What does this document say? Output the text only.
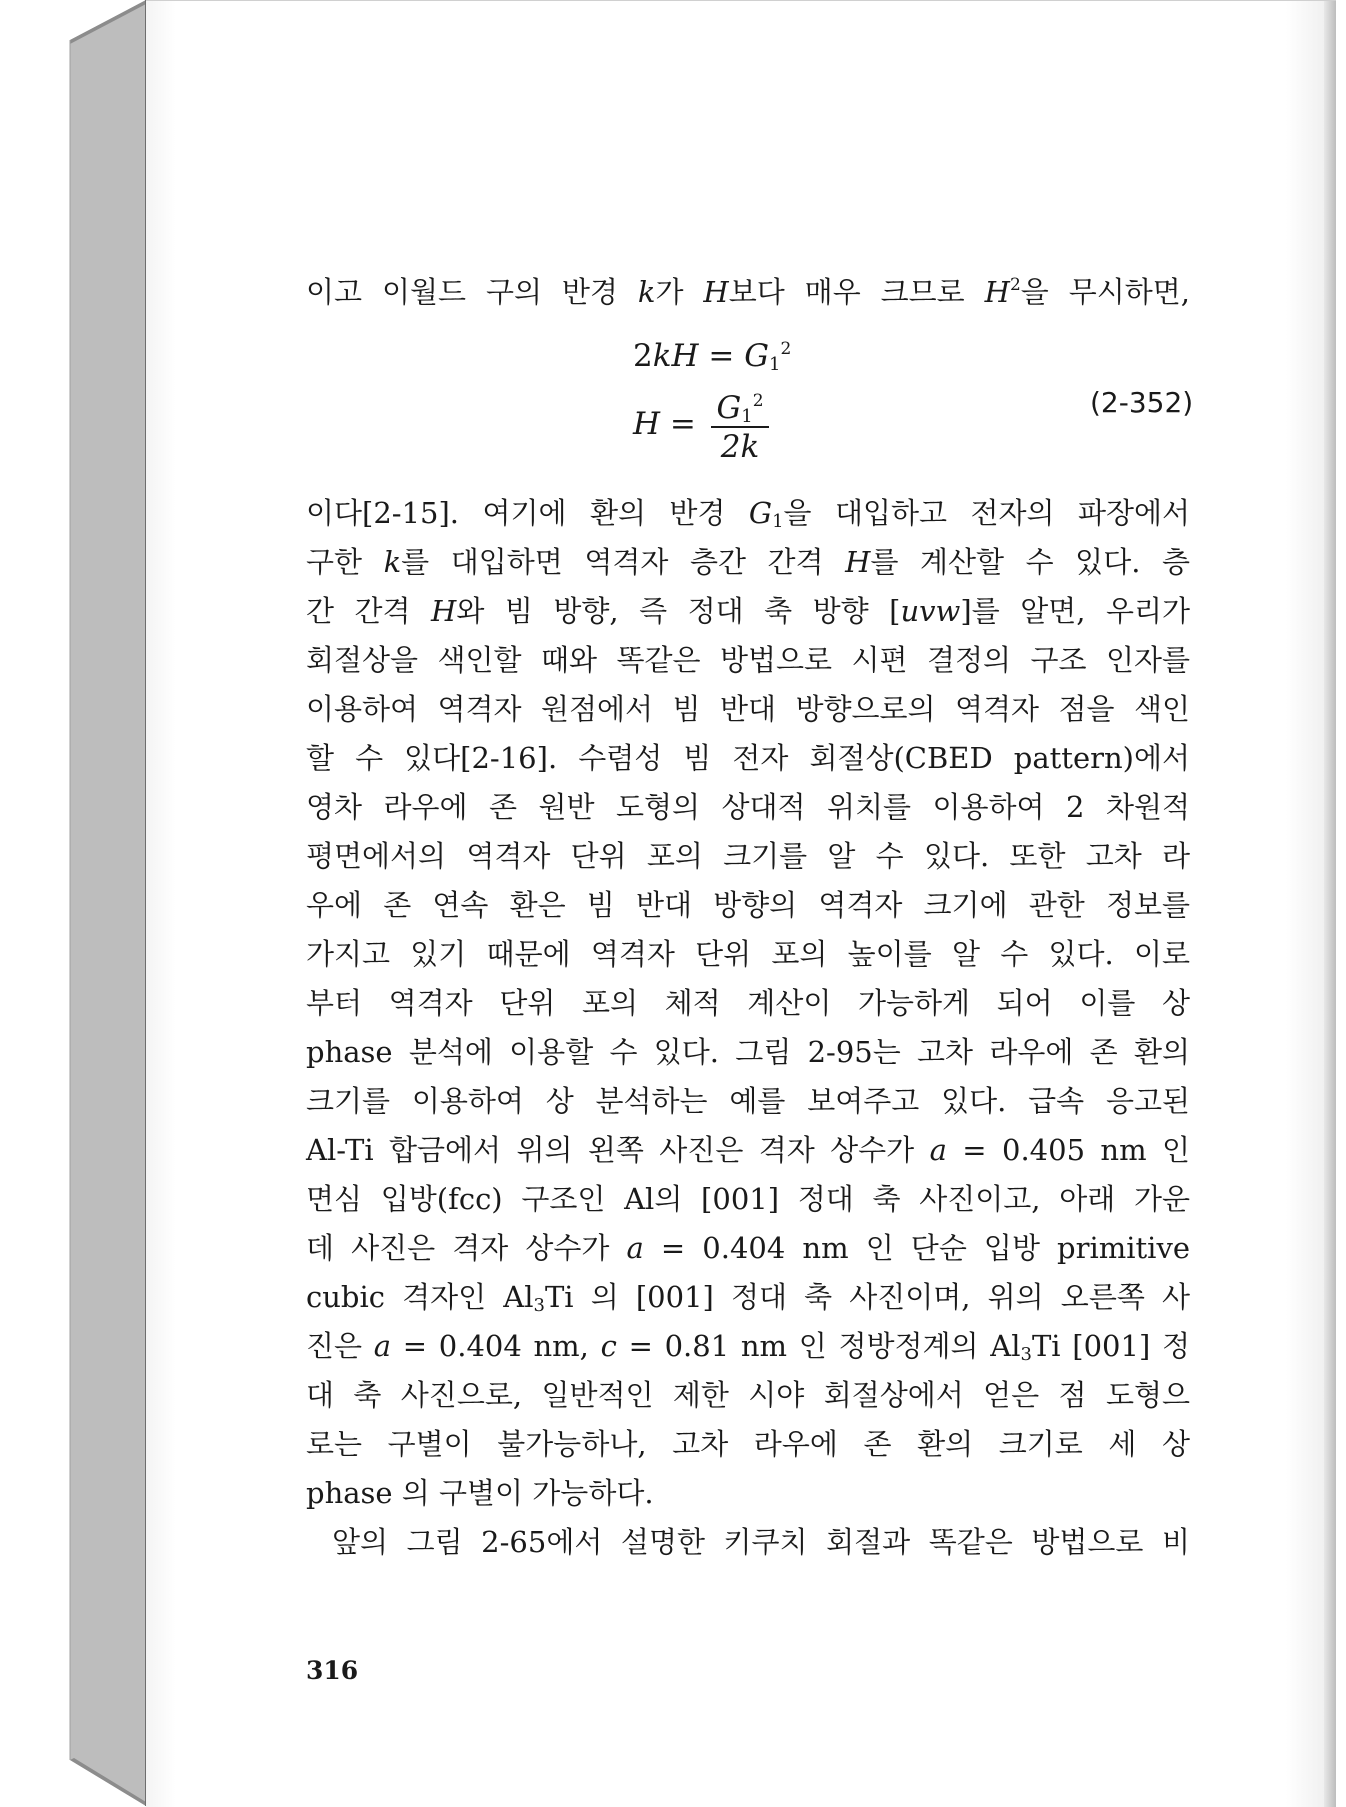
이고 이월드 구의 반경 k가 H보다 매우 크므로 $H^2$을 무시하면,
$2kH = G_1^2$
$H = G_1^2$
2k
(2-352)
이다[2-15]. 여기에 환의 반경 $G_1$을 대입하고 전자의 파장에서
구한 k를 대입하면 역격자 층간 간격 H를 계산할 수 있다. 층
간 간격 H와 빔 방향, 즉 정대 축 방향 [uvw]를 알면, 우리가
회절상을 색인할 때와 똑같은 방법으로 시편 결정의 구조 인자를
이용하여 역격자 원점에서 빔 반대 방향으로의 역격자 점을 색인
할 수 있다[2-16]. 수렴성 빔 전자 회절상(CBED pattern)에서
영차 라우에 존 원반 도형의 상대적 위치를 이용하여 2 차원적
평면에서의 역격자 단위 포의 크기를 알 수 있다. 또한 고차 라
우에 존 연속 환은 빔 반대 방향의 역격자 크기에 관한 정보를
가지고 있기 때문에 역격자 단위 포의 높이를 알 수 있다. 이로
부터 역격자 단위 포의 체적 계산이 가능하게 되어 이를 상
phase 분석에 이용할 수 있다. 그림 2-95는 고차 라우에 존 환의
크기를 이용하여 상 분석하는 예를 보여주고 있다. 급속 응고된
Al-Ti 합금에서 위의 왼쪽 사진은 격자 상수가 a = 0.405 nm 인
면심 입방(fcc) 구조인 Al의 [001] 정대 축 사진이고, 아래 가운
데 사진은 격자 상수가 a = 0.404 nm 인 단순 입방 primitive
cubic 격자인 $Al_3Ti$ 의 [001] 정대 축 사진이며, 위의 오른쪽 사
진은 a = 0.404 nm, c = 0.81 nm 인 정방정계의 $Al_3Ti$ [001] 정
대 축 사진으로, 일반적인 제한 시야 회절상에서 얻은 점 도형으
로는 구별이 불가능하나, 고차 라우에 존 환의 크기로 세 상
phase 의 구별이 가능하다.
앞의 그림 2-65에서 설명한 키쿠치 회절과 똑같은 방법으로 비
316
